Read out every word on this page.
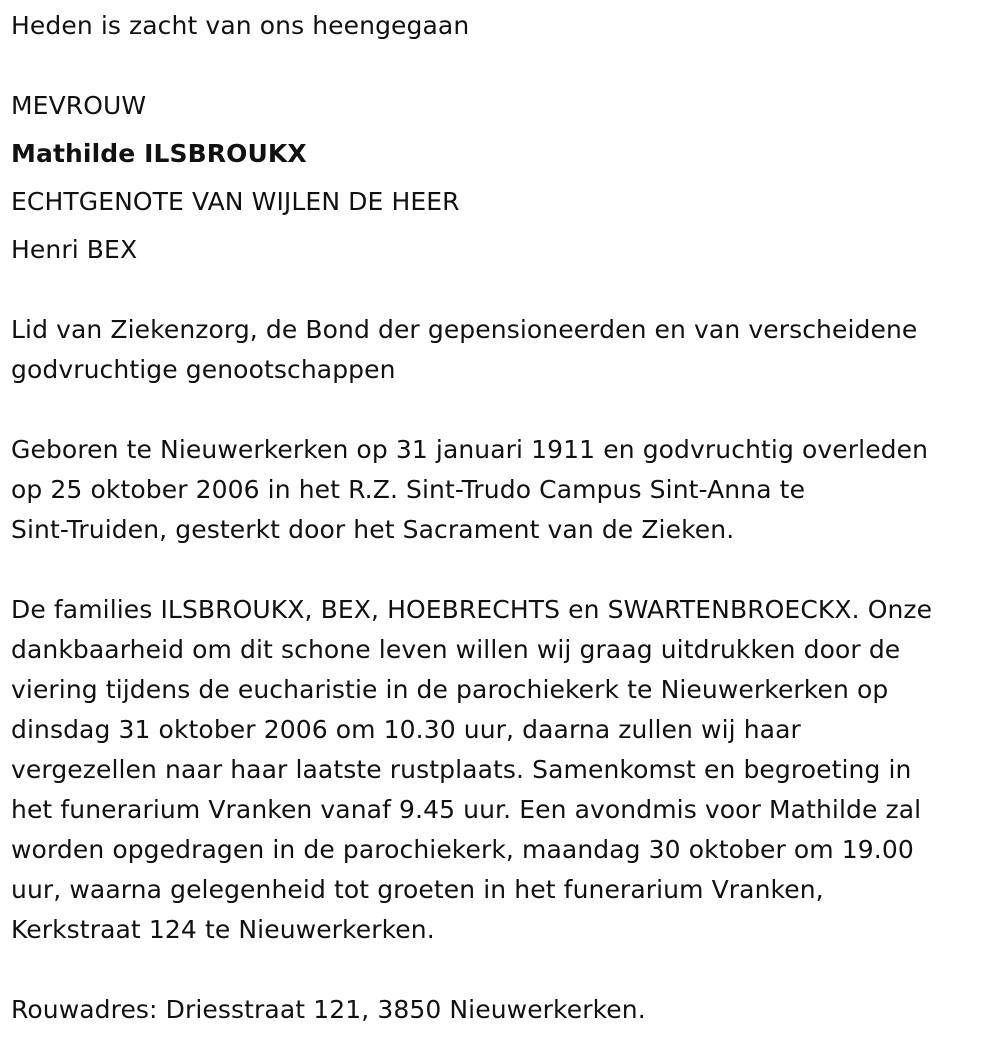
Heden is zacht van ons heengegaan
MEVROUW
Mathilde ILSBROUKX
ECHTGENOTE VAN WIJLEN DE HEER
Henri BEX
Lid van Ziekenzorg, de Bond der gepensioneerden en van verscheidene
godvruchtige genootschappen
Geboren te Nieuwerkerken op 31 januari 1911 en godvruchtig overleden
op 25 oktober 2006 in het R.Z. Sint-Trudo Campus Sint-Anna te
Sint-Truiden, gesterkt door het Sacrament van de Zieken.
De families ILSBROUKX, BEX, HOEBRECHTS en SWARTENBROECKX. Onze
dankbaarheid om dit schone leven willen wij graag uitdrukken door de
viering tijdens de eucharistie in de parochiekerk te Nieuwerkerken op
dinsdag 31 oktober 2006 om 10.30 uur, daarna zullen wij haar
vergezellen naar haar laatste rustplaats. Samenkomst en begroeting in
het funerarium Vranken vanaf 9.45 uur. Een avondmis voor Mathilde zal
worden opgedragen in de parochiekerk, maandag 30 oktober om 19.00
uur, waarna gelegenheid tot groeten in het funerarium Vranken,
Kerkstraat 124 te Nieuwerkerken.
Rouwadres: Driesstraat 121, 3850 Nieuwerkerken.
